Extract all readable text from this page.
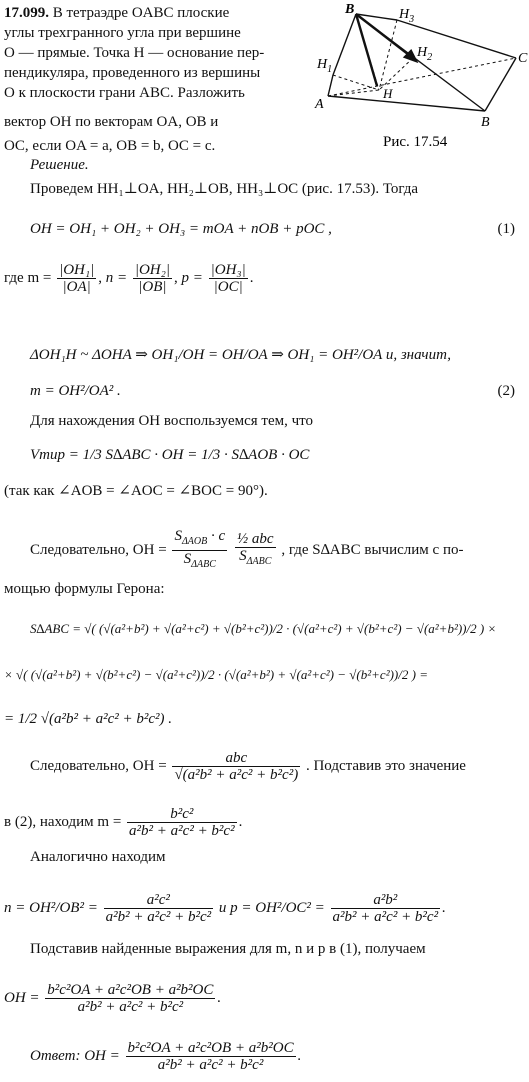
B	$H_3$
C
$H_2$
$H_1$
H
A
B
Рис. 17.54
17.099. В тетраэдре OABC плоские
углы трехгранного угла при вершине
O — прямые. Точка H — основание пер-
пендикуляра, проведенного из вершины
O к плоскости грани ABC. Разложить
вектор OH по векторам OA, OB и
OC, если OA = a, OB = b, OC = c.
Решение.
Проведем HH₁⊥OA, HH₂⊥OB, HH₃⊥OC (рис. 17.53). Тогда
OH = OH₁ + OH₂ + OH₃ = mOA + nOB + pOC ,	(1)
где $m = \frac{\text{|OH₁|}}{|OA|}$ , $n = \frac{\text{|OH₂|}}{|OB|}$ , $p = \frac{\text{|OH₃|}}{|OC|}$ .
ΔOH₁H ~ ΔOHA ⇒ OH₁/OH = OH/OA ⇒ OH₁ = OH²/OA и, значит,
m = OH²/OA² .	(2)
Для нахождения OH воспользуемся тем, что
Vтир = 1/3 S∆ABC · OH = 1/3 · S∆AOB · OC
(так как ∠AOB = ∠AOC = ∠BOC = 90°).
Следовательно, OH = $\frac{S_{\Delta AOB} \cdot c}{S_{\Delta ABC}}$
$\frac{\text{½ abc}}{S_{\Delta ABC}}$ , где S∆ABC вычислим с по-
мощью формулы Герона:
S∆ABC = √( (√(a²+b²) + √(a²+c²) + √(b²+c²))/2 · (√(a²+c²) + √(b²+c²) − √(a²+b²))/2 ) ×
× √( (√(a²+b²) + √(b²+c²) − √(a²+c²))/2 · (√(a²+b²) + √(a²+c²) − √(b²+c²))/2 ) =
= 1/2 √(a²b² + a²c² + b²c²) .
Следовательно, OH = $\frac{\text{abc}}{\text{√(a²b² + a²c² + b²c²)}}$ . Подставив это значение
в (2), находим $m = \frac{\text{b²c²}}{\text{a²b² + a²c² + b²c²}}$ .
Аналогично находим
$n = OH^2/OB^2 = \frac{\text{a²c²}}{\text{a²b² + a²c² + b²c²}}$ и $p = OH^2/OC^2 = \frac{\text{a²b²}}{\text{a²b² + a²c² + b²c²}}$ .
Подставив найденные выражения для m, n и p в (1), получаем
OH = $\frac{\text{b²c²OA + a²c²OB + a²b²OC}}{\text{a²b² + a²c² + b²c²}}$ .
Ответ: OH = $\frac{\text{b²c²OA + a²c²OB + a²b²OC}}{\text{a²b² + a²c² + b²c²}}$ .
